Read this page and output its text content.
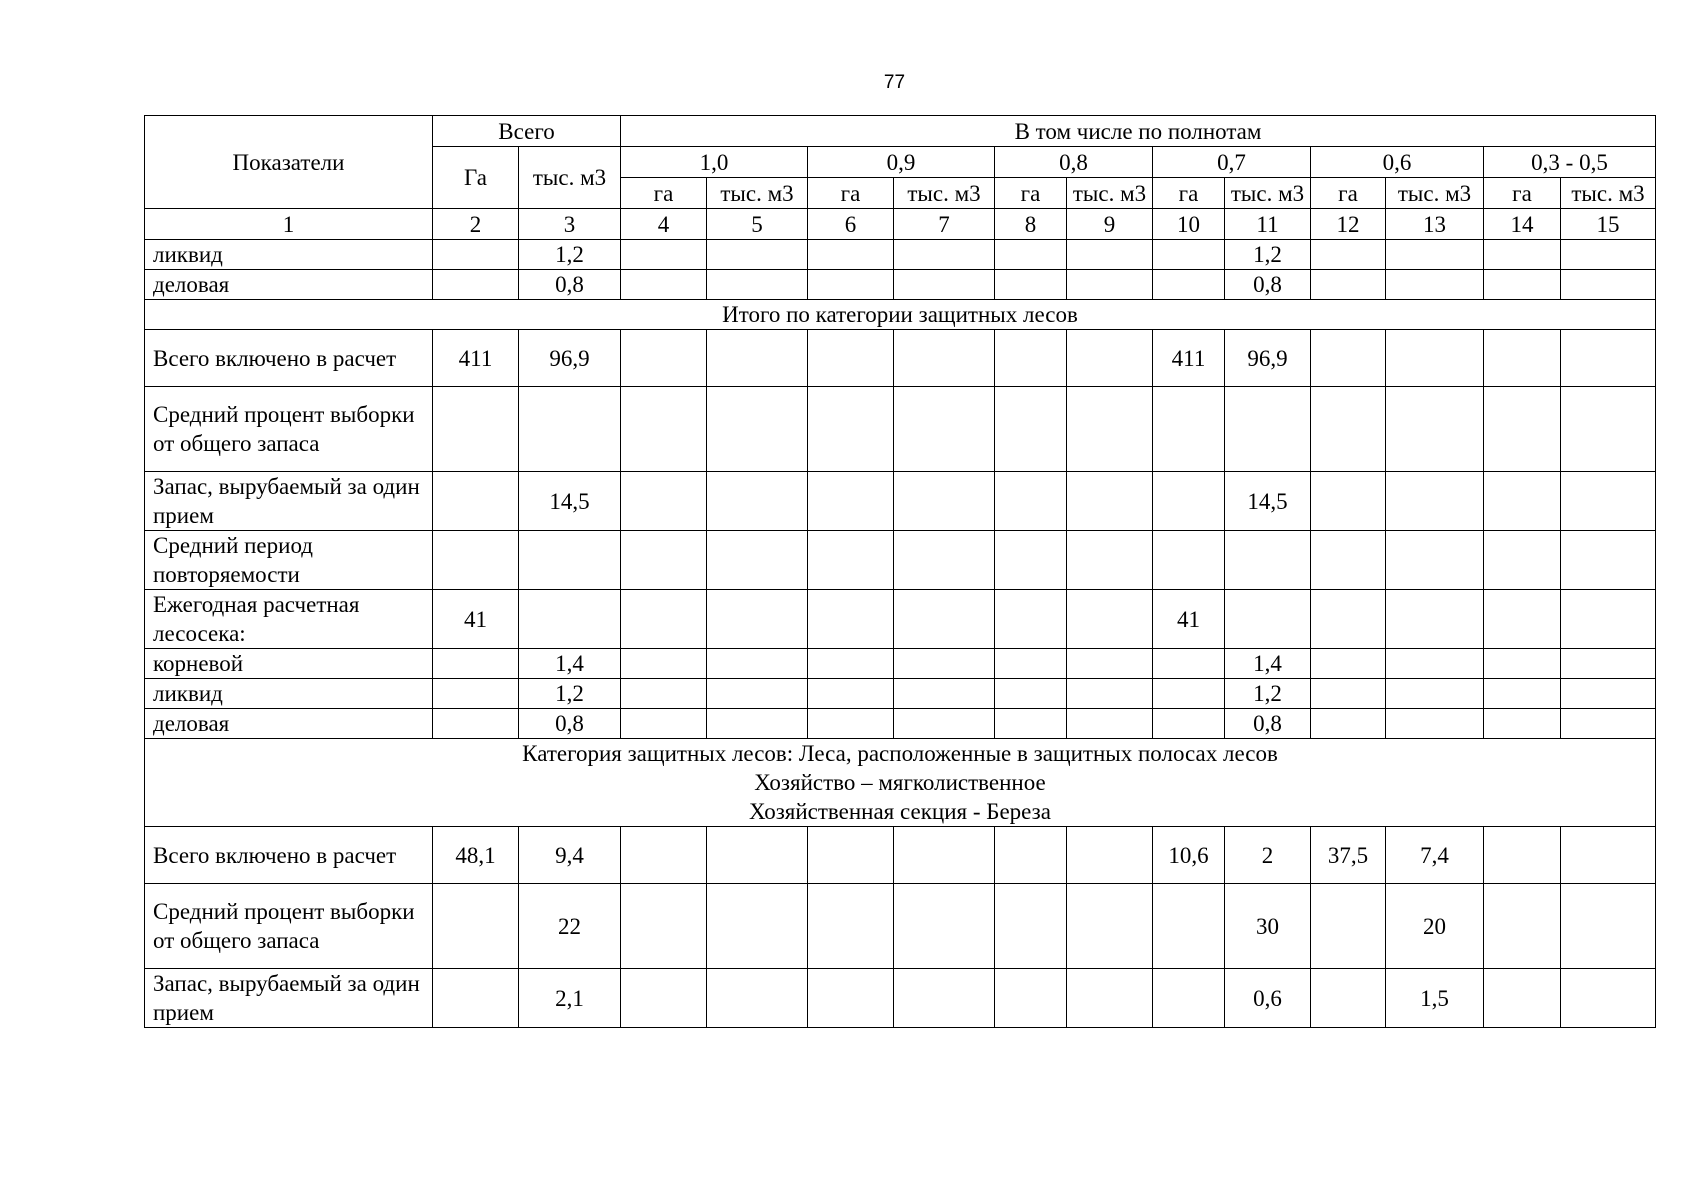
77
Показатели	Всего		В том числе по полнотам											
	Га	тыс. м3	1,0		0,9		0,8		0,7		0,6		0,3 - 0,5	
			га	тыс. м3	га	тыс. м3	га	тыс. м3	га	тыс. м3	га	тыс. м3	га	тыс. м3
1	2	3	4	5	6	7	8	9	10	11	12	13	14	15
ликвид		1,2								1,2				
деловая		0,8								0,8				

Итого по категории защитных лесов														

Всего включено в расчет	411	96,9							411	96,9				
Средний процент выборки от общего запаса														
Запас, вырубаемый за один прием		14,5								14,5				
Средний период повторяемости														
Ежегодная расчетная лесосека:	41								41					
корневой		1,4								1,4				
ликвид		1,2								1,2				
деловая		0,8								0,8				

Категория защитных лесов: Леса, расположенные в защитных полосах лесов
Хозяйство – мягколиственное
Хозяйственная секция - Береза														

Всего включено в расчет	48,1	9,4							10,6	2	37,5	7,4		
Средний процент выборки от общего запаса		22								30		20		
Запас, вырубаемый за один прием		2,1								0,6		1,5		
